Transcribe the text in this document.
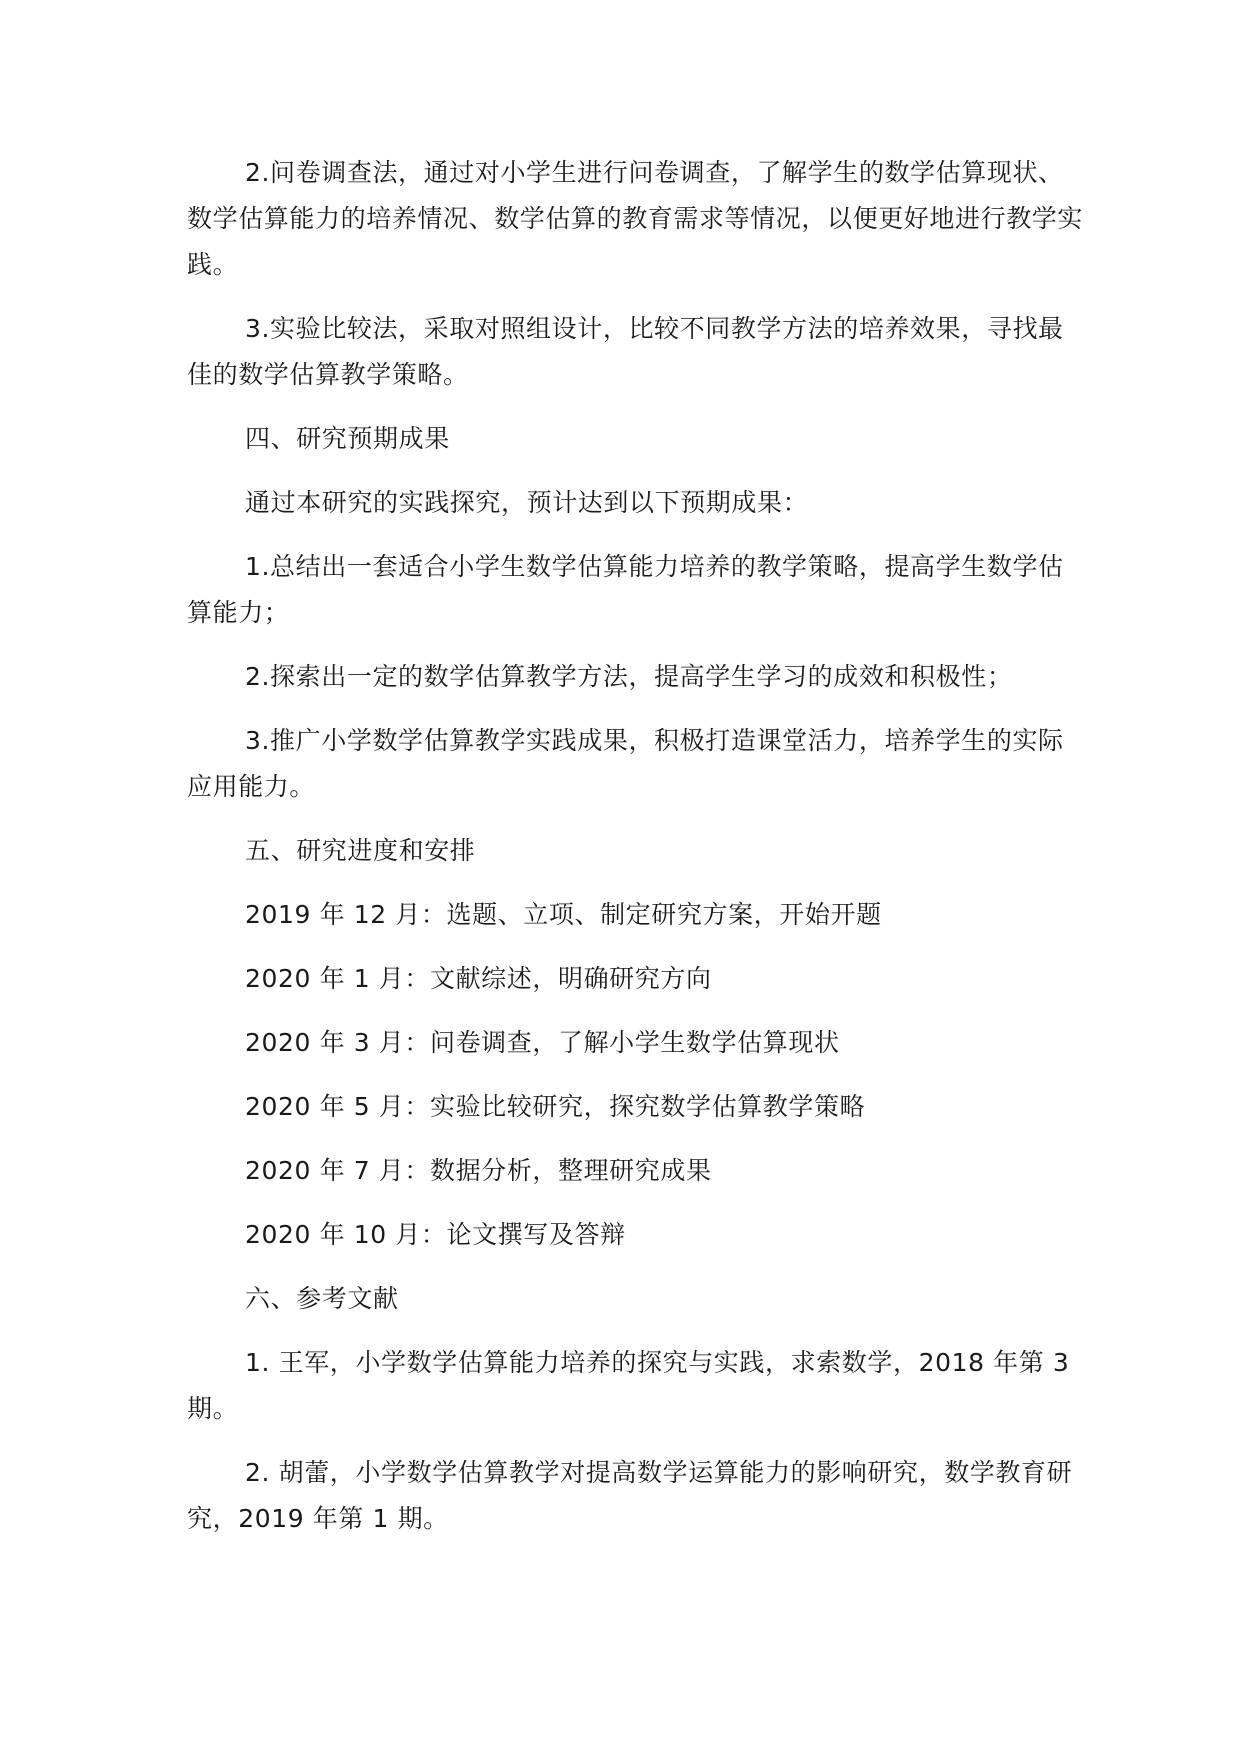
2.问卷调查法，通过对小学生进行问卷调查，了解学生的数学估算现状、数学估算能力的培养情况、数学估算的教育需求等情况，以便更好地进行教学实践。

3.实验比较法，采取对照组设计，比较不同教学方法的培养效果，寻找最佳的数学估算教学策略。

四、研究预期成果

通过本研究的实践探究，预计达到以下预期成果：

1.总结出一套适合小学生数学估算能力培养的教学策略，提高学生数学估算能力；

2.探索出一定的数学估算教学方法，提高学生学习的成效和积极性；

3.推广小学数学估算教学实践成果，积极打造课堂活力，培养学生的实际应用能力。

五、研究进度和安排

2019 年 12 月：选题、立项、制定研究方案，开始开题

2020 年 1 月：文献综述，明确研究方向

2020 年 3 月：问卷调查，了解小学生数学估算现状

2020 年 5 月：实验比较研究，探究数学估算教学策略

2020 年 7 月：数据分析，整理研究成果

2020 年 10 月：论文撰写及答辩

六、参考文献

1. 王军，小学数学估算能力培养的探究与实践，求索数学，2018 年第 3 期。

2. 胡蕾，小学数学估算教学对提高数学运算能力的影响研究，数学教育研究，2019 年第 1 期。
